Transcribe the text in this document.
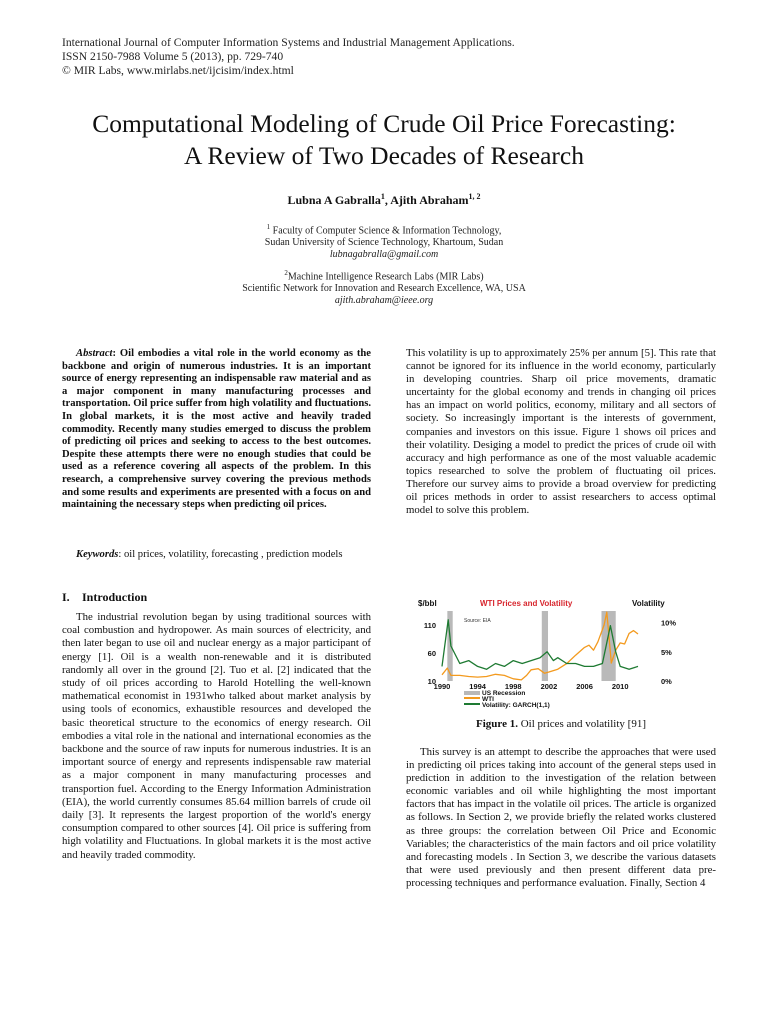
International Journal of Computer Information Systems and Industrial Management Applications.
ISSN 2150-7988 Volume 5 (2013), pp. 729-740
© MIR Labs, www.mirlabs.net/ijcisim/index.html
Computational Modeling of Crude Oil Price Forecasting:
A Review of Two Decades of Research
Lubna A Gabralla$^1$, Ajith Abraham$^{1, 2}$
$^1$ Faculty of Computer Science & Information Technology,
Sudan University of Science Technology, Khartoum, Sudan
lubnagabralla@gmail.com
$^2$Machine Intelligence Research Labs (MIR Labs)
Scientific Network for Innovation and Research Excellence, WA, USA
ajith.abraham@ieee.org
Abstract: Oil embodies a vital role in the world economy as the backbone and origin of numerous industries. It is an important source of energy representing an indispensable raw material and as a major component in many manufacturing processes and transportation. Oil price suffer from high volatility and fluctuations. In global markets, it is the most active and heavily traded commodity. Recently many studies emerged to discuss the problem of predicting oil prices and seeking to access to the best outcomes. Despite these attempts there were no enough studies that could be used as a reference covering all aspects of the problem. In this research, a comprehensive survey covering the previous methods and some results and experiments are presented with a focus on and maintaining the necessary steps when predicting oil prices.
Keywords: oil prices, volatility, forecasting , prediction models
I. Introduction
The industrial revolution began by using traditional sources with coal combustion and hydropower. As main sources of electricity, and then later began to use oil and nuclear energy as a major participant of energy [1]. Oil is a wealth non-renewable and it is distributed randomly all over in the ground [2]. Tuo et al. [2] indicated that the study of oil prices according to Harold Hotelling the well-known mathematical economist in 1931who talked about market analysis by using tools of economics, exhaustible resources and developed the basic theoretical structure to the economics of energy research. Oil embodies a vital role in the national and international economies as the backbone and the source of raw inputs for numerous industries. It is an important source of energy and represents indispensable raw material as a major component in many manufacturing processes and transportion fuel. According to the Energy Information Administration (EIA), the world currently consumes 85.64 million barrels of crude oil daily [3]. It represents the largest proportion of the world's energy consumption compared to other sources [4]. Oil price is suffering from high volatility and Fluctuations. In global markets it is the most active and heavily traded commodity.
This volatility is up to approximately 25% per annum [5]. This rate that cannot be ignored for its influence in the world economy, particularly in developing countries. Sharp oil price movements, dramatic uncertainty for the global economy and trends in changing oil prices has an impact on world politics, economy, military and all sectors of society. So increasingly important is the interests of government, companies and investors on this issue. Figure 1 shows oil prices and their volatility. Desiging a model to predict the prices of crude oil with accuracy and high performance as one of the most valuable academic topics researched to solve the problem of fluctuating oil prices. Therefore our survey aims to provide a broad overview for predicting oil prices methods in order to assist researchers to access optimal model to solve this problem.
WTI Prices and Volatility
$/bbl	Volatility
Source: EIA
10
60
110
0%
5%
10%
1990	1994	1998	2002	2006	2010
US Recession
WTI
Volatility: GARCH(1,1)
Figure 1. Oil prices and volatility [91]
This survey is an attempt to describe the approaches that were used in predicting oil prices taking into account of the general steps used in prediction in addition to the investigation of the relation between economic variables and oil while highlighting the most important factors that has impact in the volatile oil prices. The article is organized as follows. In Section 2, we provide briefly the related works clustered as three groups: the correlation between Oil Price and Economic Variables; the characteristics of the main factors and oil price volatility and forecasting models . In Section 3, we describe the various datasets that were used previously and then present different data pre-processing techniques and performance evaluation. Finally, Section 4
